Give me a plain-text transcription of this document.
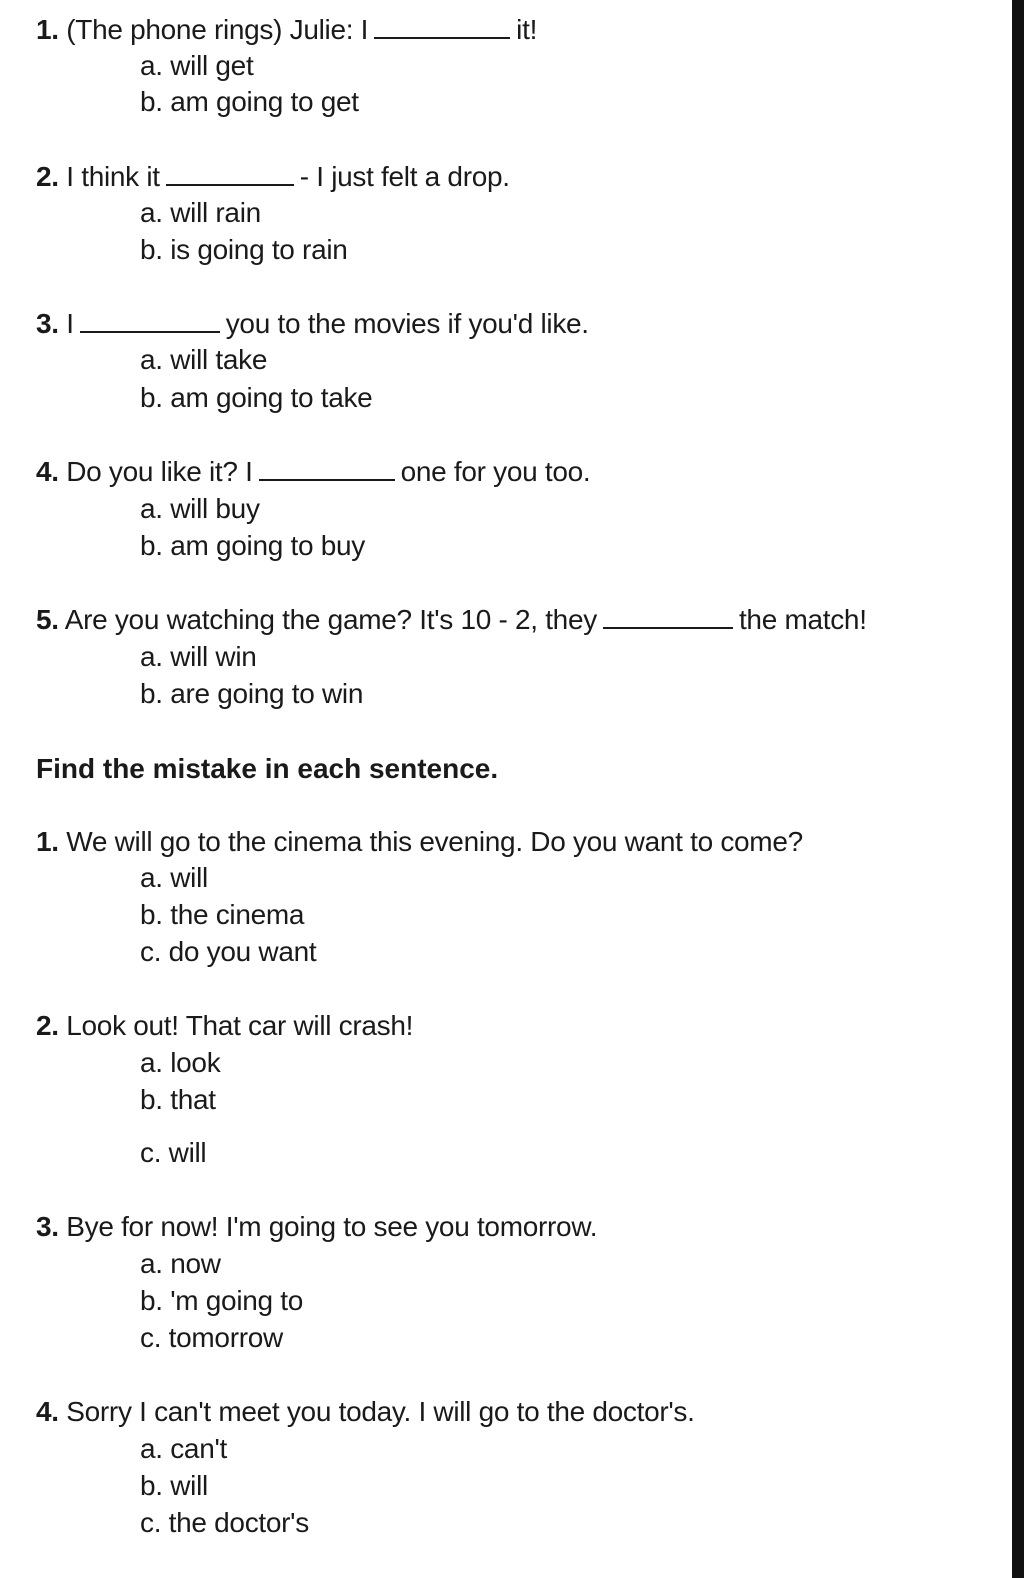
1. (The phone rings) Julie: I	it!
a. will get
b. am going to get
2. I think it	- I just felt a drop.
a. will rain
b. is going to rain
3. I	you to the movies if you'd like.
a. will take
b. am going to take
4. Do you like it? I	one for you too.
a. will buy
b. am going to buy
5. Are you watching the game? It's 10 - 2, they	the match!
a. will win
b. are going to win
Find the mistake in each sentence.
1. We will go to the cinema this evening. Do you want to come?
a. will
b. the cinema
c. do you want
2. Look out! That car will crash!
a. look
b. that
c. will
3. Bye for now! I'm going to see you tomorrow.
a. now
b. 'm going to
c. tomorrow
4. Sorry I can't meet you today. I will go to the doctor's.
a. can't
b. will
c. the doctor's
